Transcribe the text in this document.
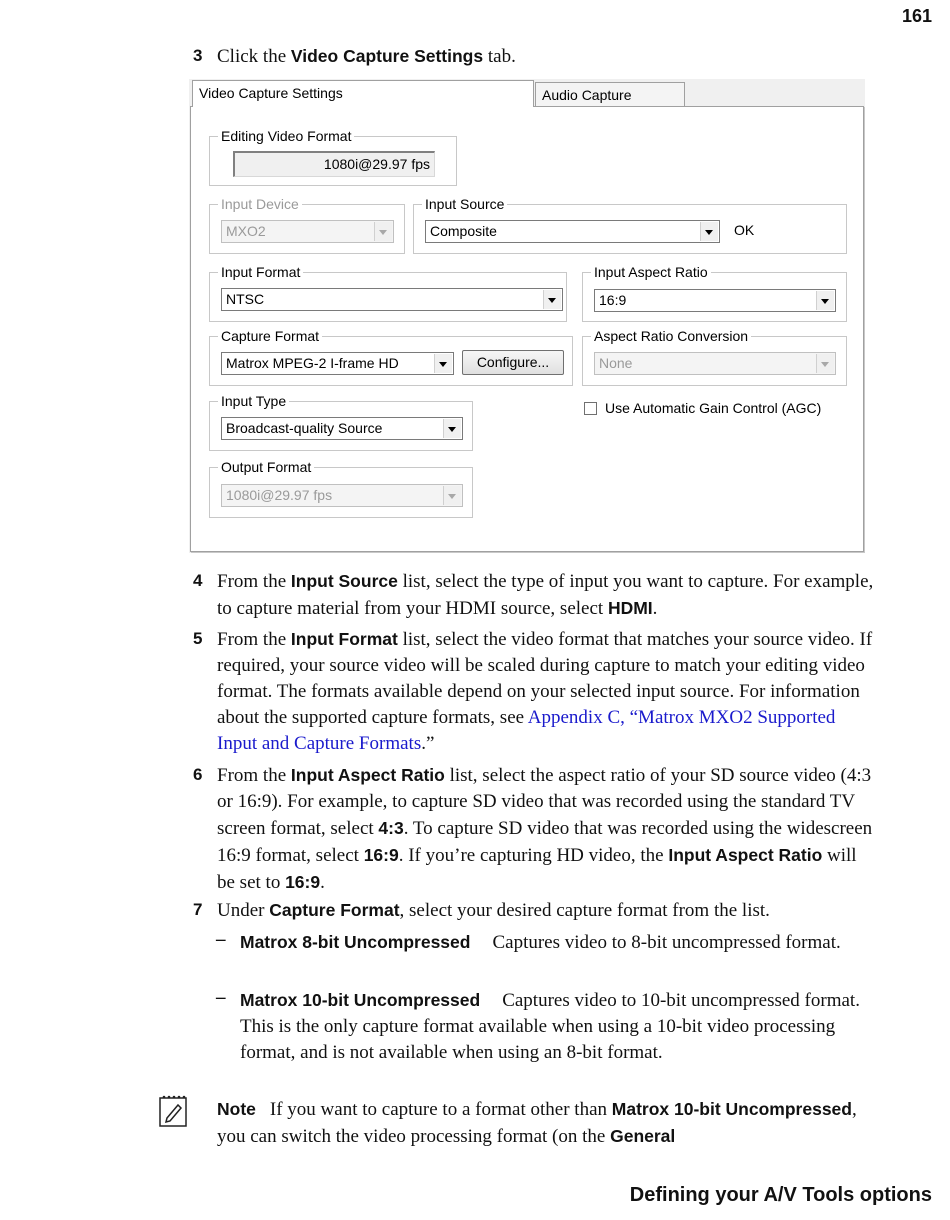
161
3 Click the Video Capture Settings tab.
Video Capture Settings	Audio Capture
Editing Video Format
1080i@29.97 fps
Input Device
MXO2
Input Source
Composite	OK
Input Format
NTSC
Input Aspect Ratio
16:9
Capture Format
Matrox MPEG-2 I-frame HD	Configure...
Aspect Ratio Conversion
None
Input Type
Broadcast-quality Source
Use Automatic Gain Control (AGC)
Output Format
1080i@29.97 fps
4 From the Input Source list, select the type of input you want to capture. For example, to capture material from your HDMI source, select HDMI.
5 From the Input Format list, select the video format that matches your source video. If required, your source video will be scaled during capture to match your editing video format. The formats available depend on your selected input source. For information about the supported capture formats, see Appendix C, “Matrox MXO2 Supported Input and Capture Formats.”
6 From the Input Aspect Ratio list, select the aspect ratio of your SD source video (4:3 or 16:9). For example, to capture SD video that was recorded using the standard TV screen format, select 4:3. To capture SD video that was recorded using the widescreen 16:9 format, select 16:9. If you’re capturing HD video, the Input Aspect Ratio will be set to 16:9.
7 Under Capture Format, select your desired capture format from the list.
– Matrox 8-bit Uncompressed Captures video to 8-bit uncompressed format.
– Matrox 10-bit Uncompressed Captures video to 10-bit uncompressed format. This is the only capture format available when using a 10-bit video processing format, and is not available when using an 8-bit format.
Note If you want to capture to a format other than Matrox 10-bit Uncompressed, you can switch the video processing format (on the General
Defining your A/V Tools options
